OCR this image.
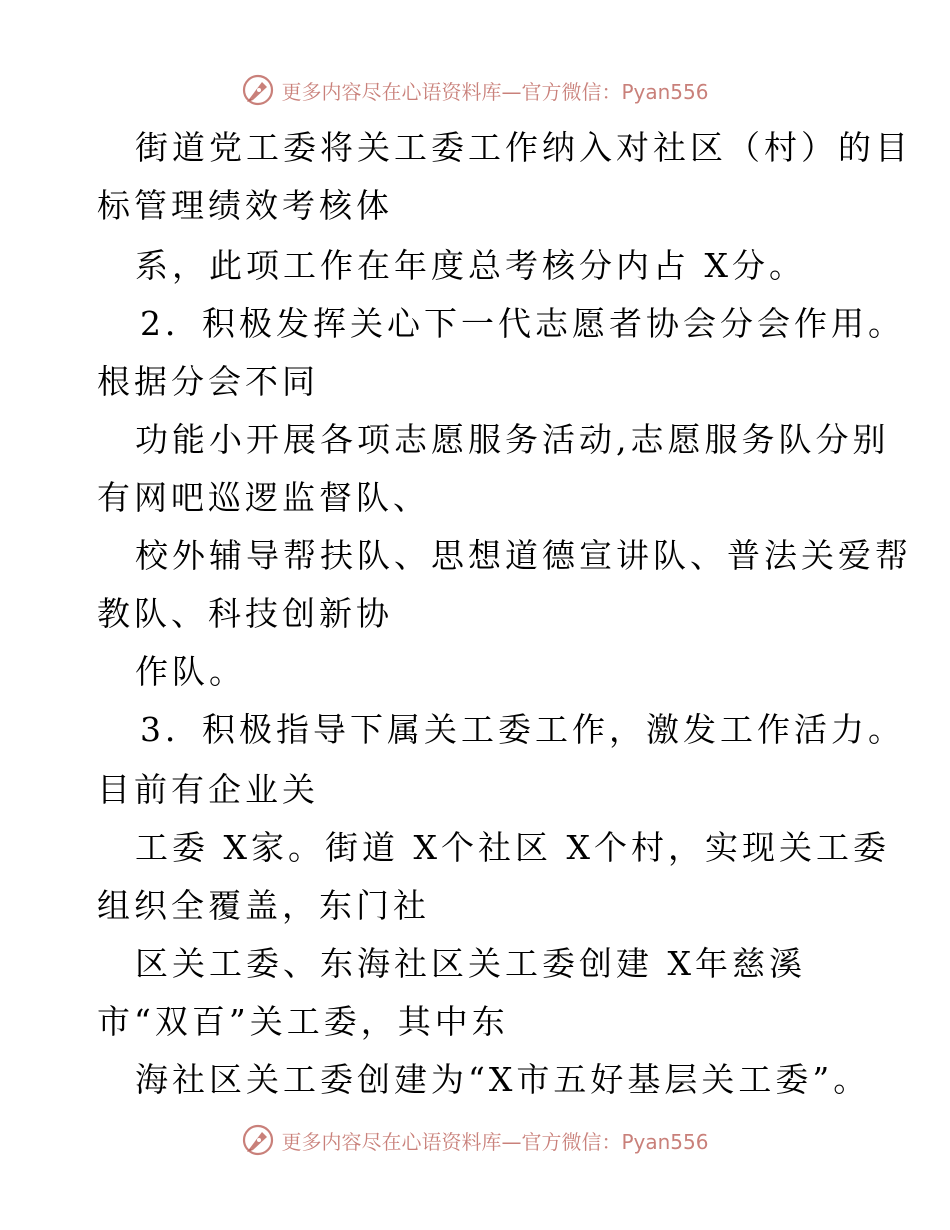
更多内容尽在心语资料库—官方微信：Pyan556
街道党工委将关工委工作纳入对社区（村）的目
标管理绩效考核体
系，此项工作在年度总考核分内占 X分。
2．积极发挥关心下一代志愿者协会分会作用。
根据分会不同
功能小开展各项志愿服务活动,志愿服务队分别
有网吧巡逻监督队、
校外辅导帮扶队、思想道德宣讲队、普法关爱帮
教队、科技创新协
作队。
3．积极指导下属关工委工作，激发工作活力。
目前有企业关
工委 X家。街道 X个社区 X个村，实现关工委
组织全覆盖，东门社
区关工委、东海社区关工委创建 X年慈溪
市“双百”关工委，其中东
海社区关工委创建为“X市五好基层关工委”。
更多内容尽在心语资料库—官方微信：Pyan556
